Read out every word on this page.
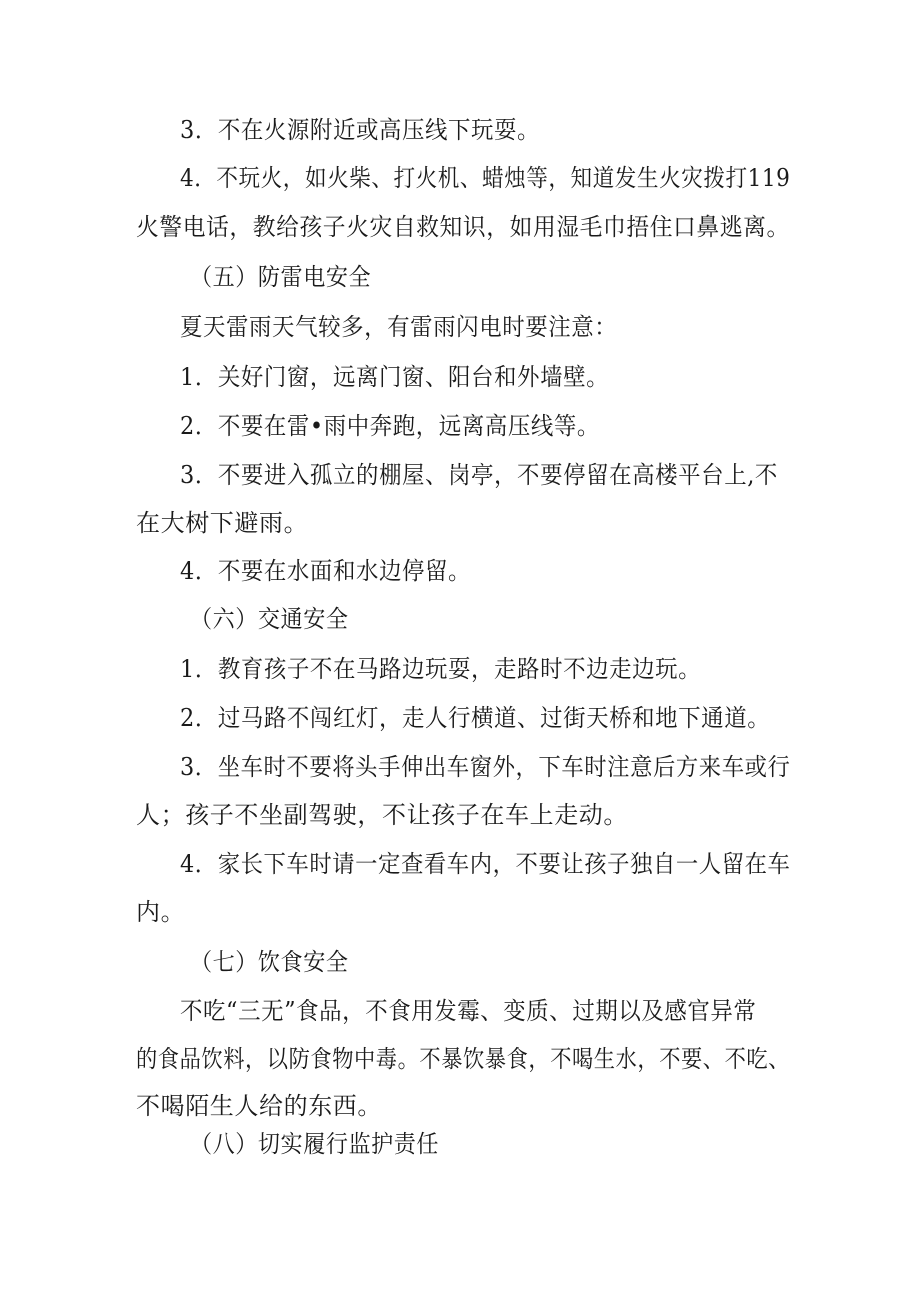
3．不在火源附近或高压线下玩耍。
4．不玩火，如火柴、打火机、蜡烛等，知道发生火灾拨打119
火警电话，教给孩子火灾自救知识，如用湿毛巾捂住口鼻逃离。
（五）防雷电安全
夏天雷雨天气较多，有雷雨闪电时要注意：
1．关好门窗，远离门窗、阳台和外墙壁。
2．不要在雷•雨中奔跑，远离高压线等。
3．不要进入孤立的棚屋、岗亭，不要停留在高楼平台上,不
在大树下避雨。
4．不要在水面和水边停留。
（六）交通安全
1．教育孩子不在马路边玩耍，走路时不边走边玩。
2．过马路不闯红灯，走人行横道、过街天桥和地下通道。
3．坐车时不要将头手伸出车窗外，下车时注意后方来车或行
人；孩子不坐副驾驶，不让孩子在车上走动。
4．家长下车时请一定查看车内，不要让孩子独自一人留在车
内。
（七）饮食安全
不吃“三无”食品，不食用发霉、变质、过期以及感官异常
的食品饮料，以防食物中毒。不暴饮暴食，不喝生水，不要、不吃、
不喝陌生人给的东西。
（八）切实履行监护责任
